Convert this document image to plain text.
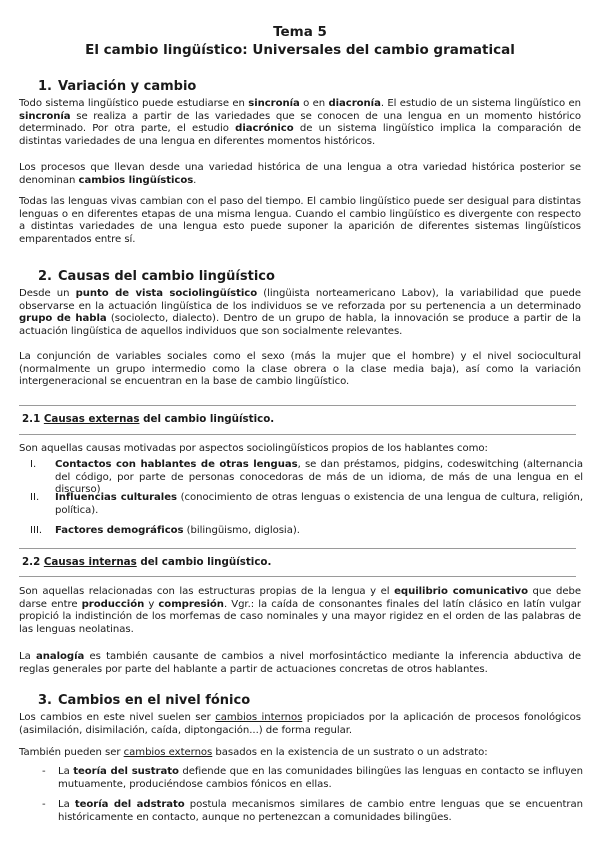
Tema 5
El cambio lingüístico: Universales del cambio gramatical
1. Variación y cambio
Todo sistema lingüístico puede estudiarse en sincronía o en diacronía. El estudio de un sistema lingüístico en sincronía se realiza a partir de las variedades que se conocen de una lengua en un momento histórico determinado. Por otra parte, el estudio diacrónico de un sistema lingüístico implica la comparación de distintas variedades de una lengua en diferentes momentos históricos.
Los procesos que llevan desde una variedad histórica de una lengua a otra variedad histórica posterior se denominan cambios lingüísticos.
Todas las lenguas vivas cambian con el paso del tiempo. El cambio lingüístico puede ser desigual para distintas lenguas o en diferentes etapas de una misma lengua. Cuando el cambio lingüístico es divergente con respecto a distintas variedades de una lengua esto puede suponer la aparición de diferentes sistemas lingüísticos emparentados entre sí.
2. Causas del cambio lingüístico
Desde un punto de vista sociolingüístico (lingüista norteamericano Labov), la variabilidad que puede observarse en la actuación lingüística de los individuos se ve reforzada por su pertenencia a un determinado grupo de habla (sociolecto, dialecto). Dentro de un grupo de habla, la innovación se produce a partir de la actuación lingüística de aquellos individuos que son socialmente relevantes.
La conjunción de variables sociales como el sexo (más la mujer que el hombre) y el nivel sociocultural (normalmente un grupo intermedio como la clase obrera o la clase media baja), así como la variación intergeneracional se encuentran en la base de cambio lingüístico.
2.1 Causas externas del cambio lingüístico.
Son aquellas causas motivadas por aspectos sociolingüísticos propios de los hablantes como:
I. Contactos con hablantes de otras lenguas, se dan préstamos, pidgins, codeswitching (alternancia del código, por parte de personas conocedoras de más de un idioma, de más de una lengua en el discurso)
II. Influencias culturales (conocimiento de otras lenguas o existencia de una lengua de cultura, religión, política).
III. Factores demográficos (bilingüismo, diglosia).
2.2 Causas internas del cambio lingüístico.
Son aquellas relacionadas con las estructuras propias de la lengua y el equilibrio comunicativo que debe darse entre producción y compresión. Vgr.: la caída de consonantes finales del latín clásico en latín vulgar propició la indistinción de los morfemas de caso nominales y una mayor rigidez en el orden de las palabras de las lenguas neolatinas.
La analogía es también causante de cambios a nivel morfosintáctico mediante la inferencia abductiva de reglas generales por parte del hablante a partir de actuaciones concretas de otros hablantes.
3. Cambios en el nivel fónico
Los cambios en este nivel suelen ser cambios internos propiciados por la aplicación de procesos fonológicos (asimilación, disimilación, caída, diptongación...) de forma regular.
También pueden ser cambios externos basados en la existencia de un sustrato o un adstrato:
- La teoría del sustrato defiende que en las comunidades bilingües las lenguas en contacto se influyen mutuamente, produciéndose cambios fónicos en ellas.
- La teoría del adstrato postula mecanismos similares de cambio entre lenguas que se encuentran históricamente en contacto, aunque no pertenezcan a comunidades bilingües.
